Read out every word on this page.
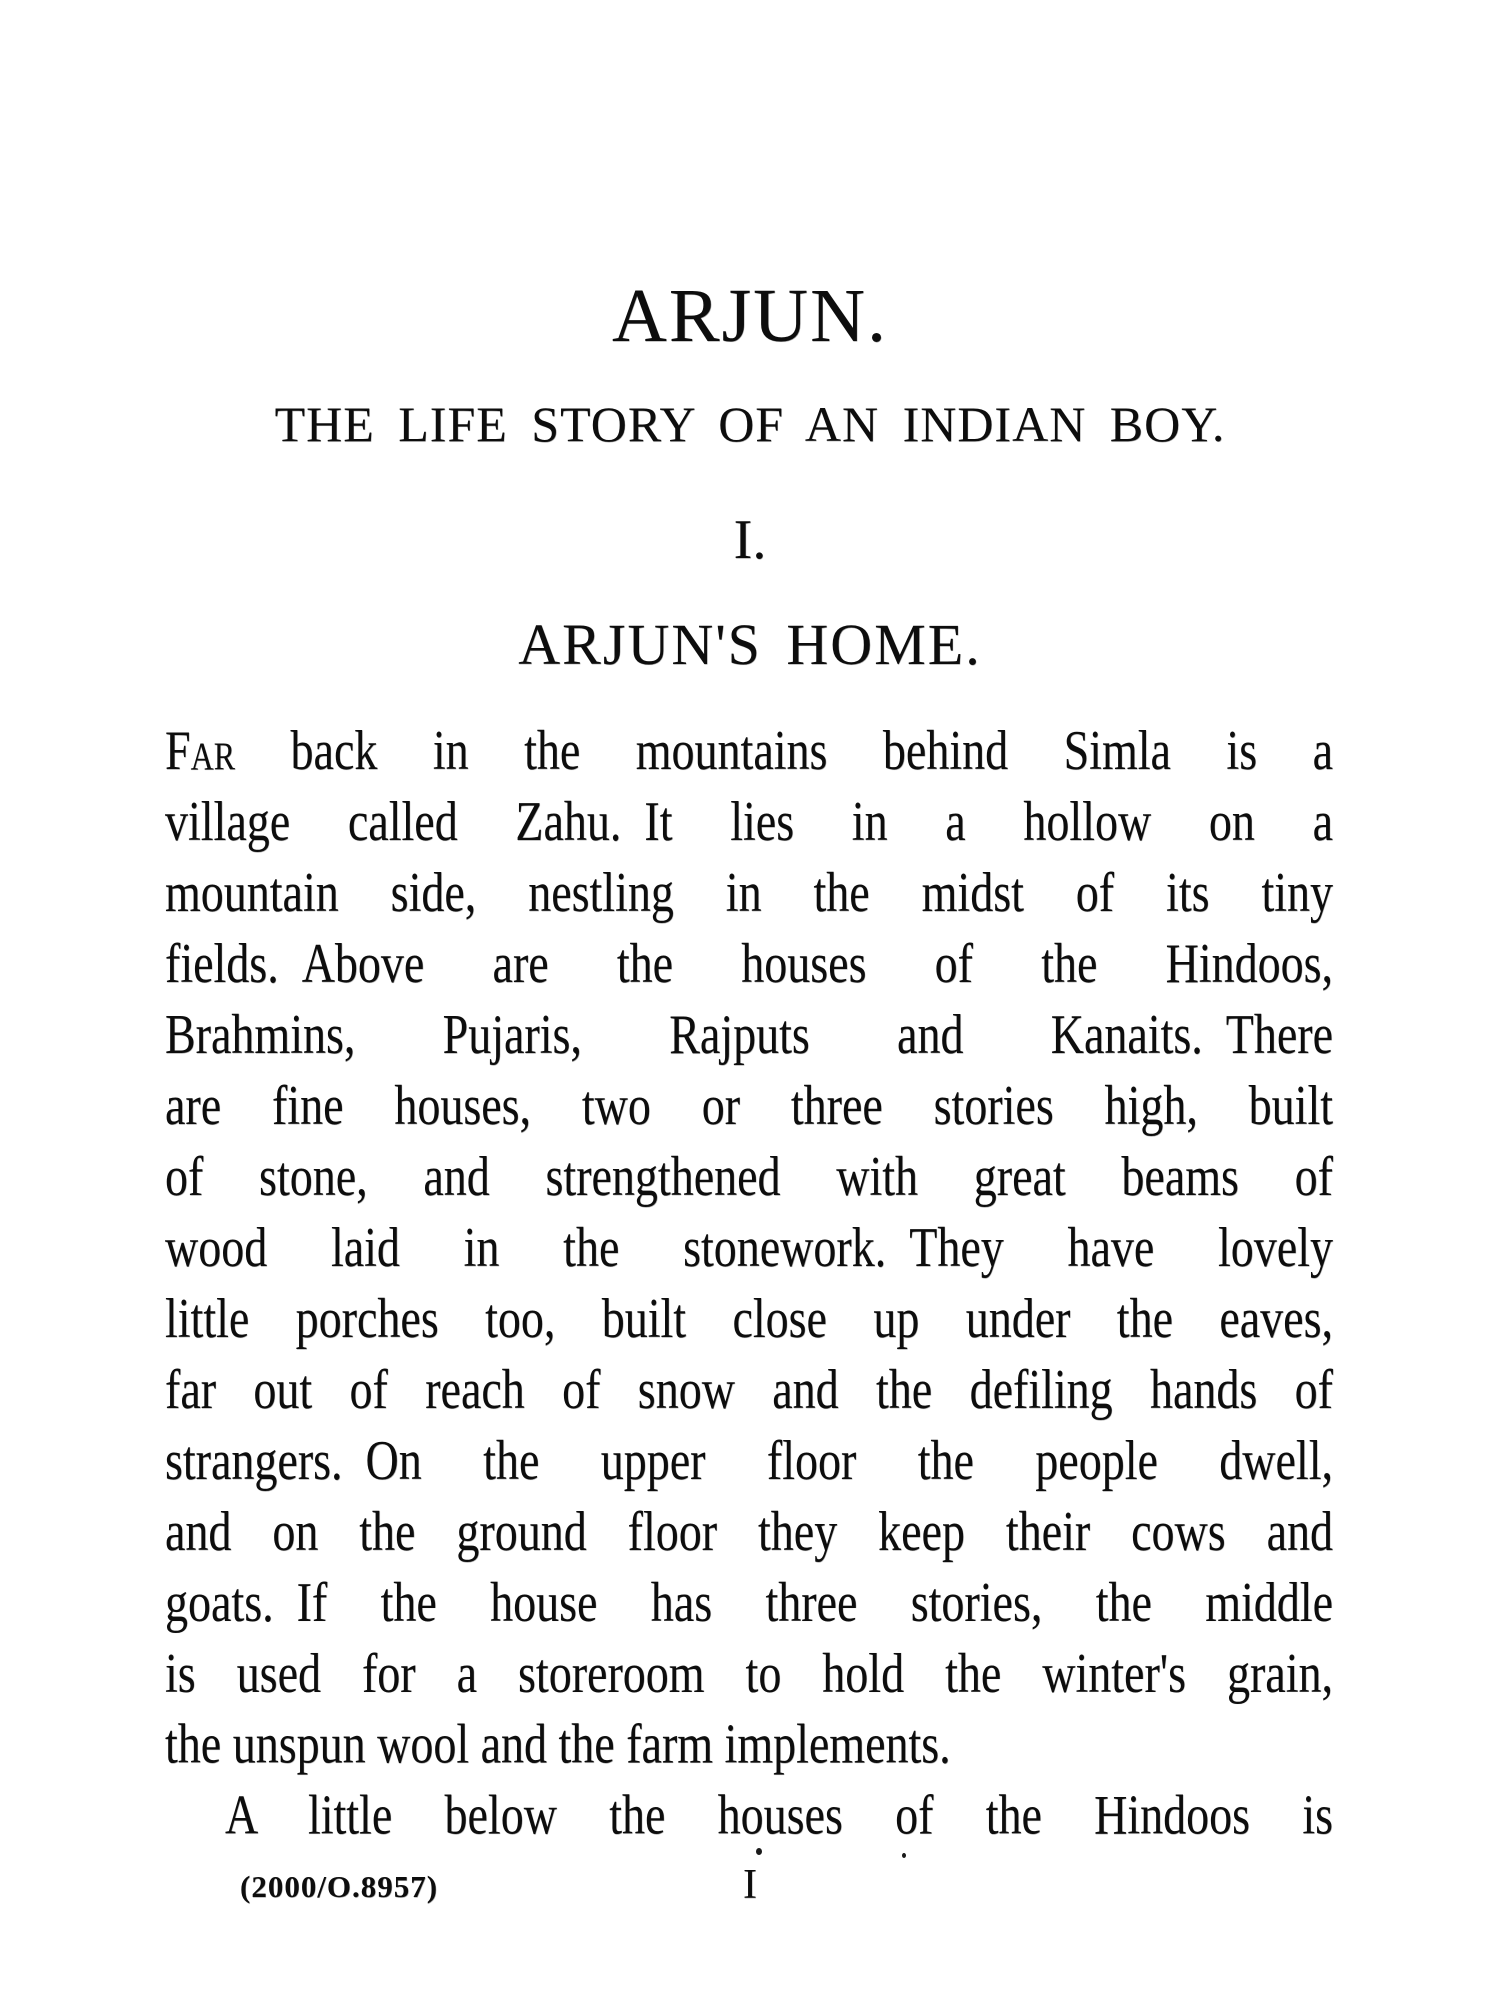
ARJUN.
THE LIFE STORY OF AN INDIAN BOY.
I.
ARJUN'S HOME.
Far back in the mountains behind Simla is a
village called Zahu. It lies in a hollow on a
mountain side, nestling in the midst of its tiny
fields. Above are the houses of the Hindoos,
Brahmins, Pujaris, Rajputs and Kanaits. There
are fine houses, two or three stories high, built
of stone, and strengthened with great beams of
wood laid in the stonework. They have lovely
little porches too, built close up under the eaves,
far out of reach of snow and the defiling hands of
strangers. On the upper floor the people dwell,
and on the ground floor they keep their cows and
goats. If the house has three stories, the middle
is used for a storeroom to hold the winter's grain,
the unspun wool and the farm implements.
A little below the houses of the Hindoos is
(2000/O.8957)	I
